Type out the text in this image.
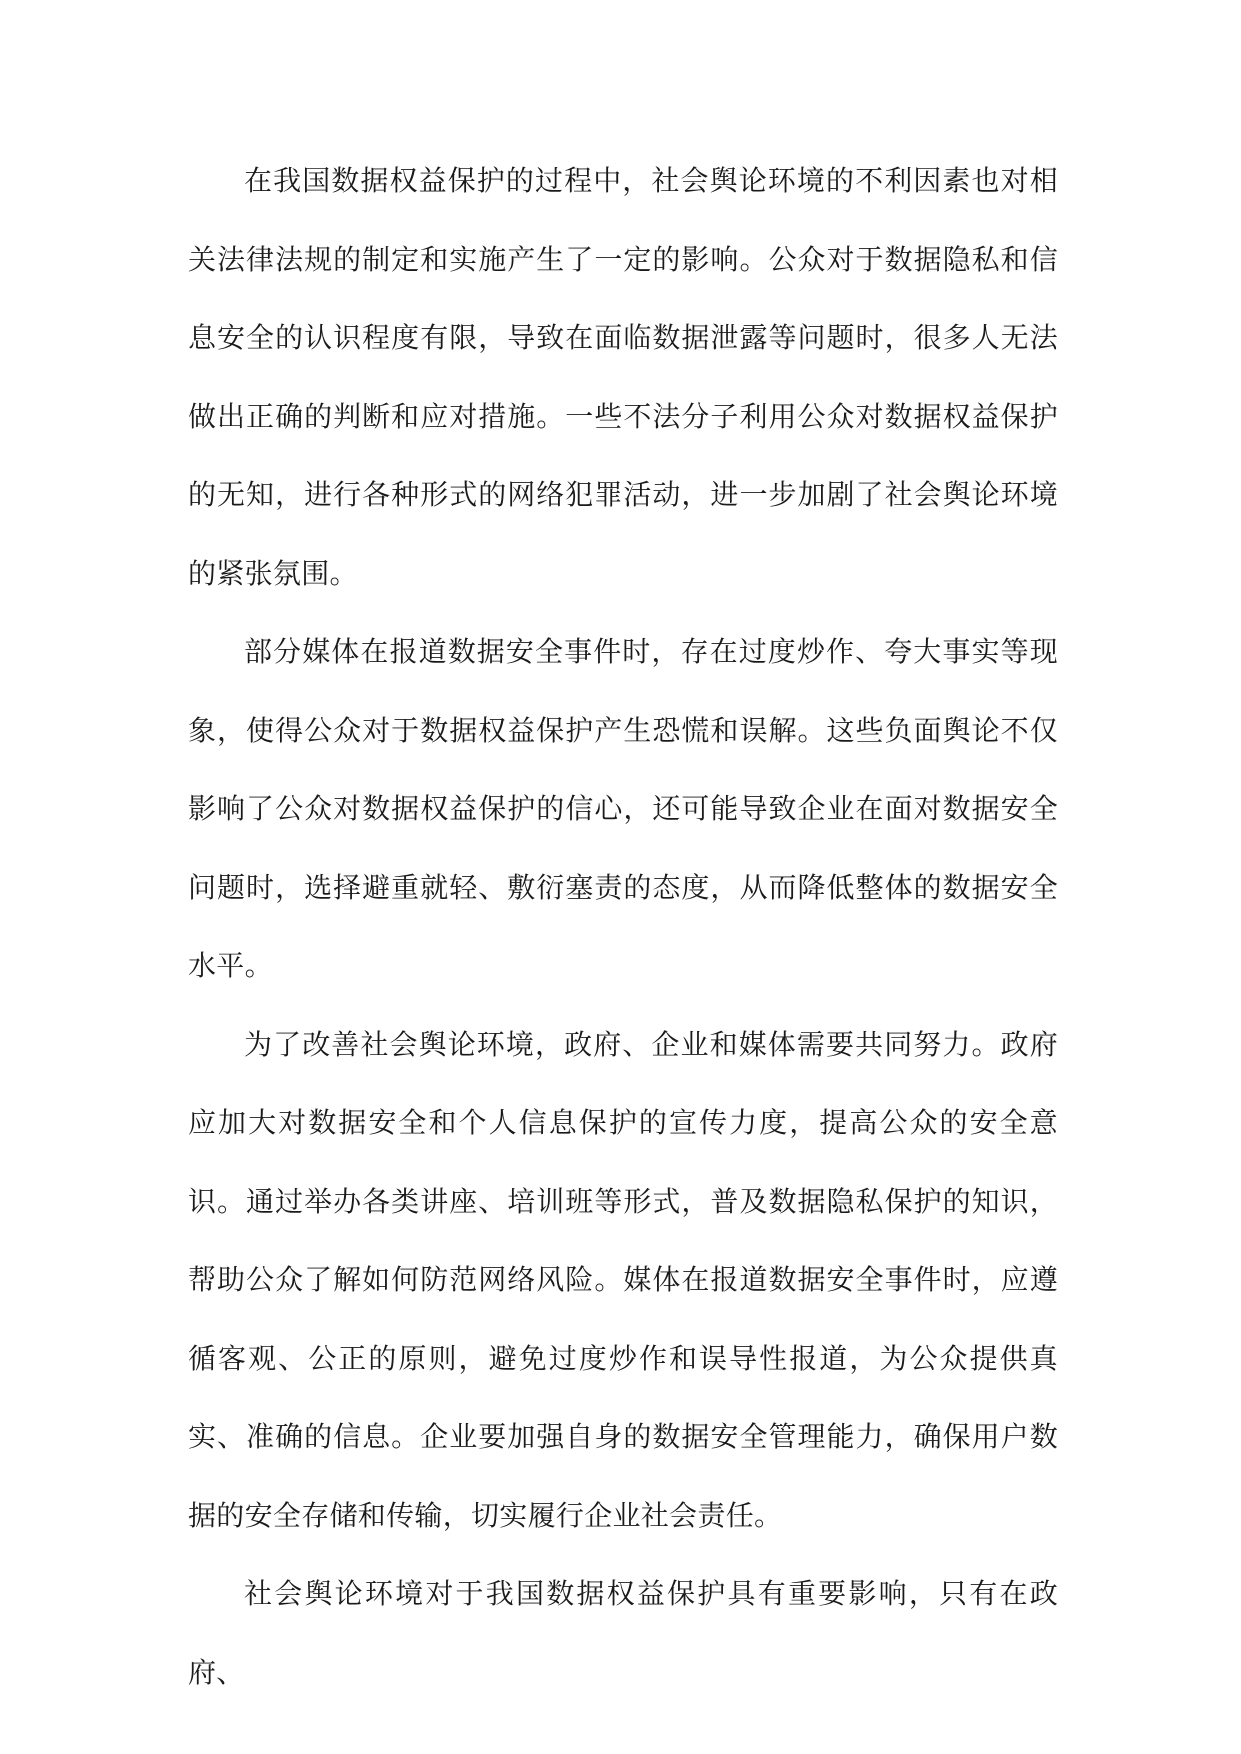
在我国数据权益保护的过程中，社会舆论环境的不利因素也对相关法律法规的制定和实施产生了一定的影响。公众对于数据隐私和信息安全的认识程度有限，导致在面临数据泄露等问题时，很多人无法做出正确的判断和应对措施。一些不法分子利用公众对数据权益保护的无知，进行各种形式的网络犯罪活动，进一步加剧了社会舆论环境的紧张氛围。

部分媒体在报道数据安全事件时，存在过度炒作、夸大事实等现象，使得公众对于数据权益保护产生恐慌和误解。这些负面舆论不仅影响了公众对数据权益保护的信心，还可能导致企业在面对数据安全问题时，选择避重就轻、敷衍塞责的态度，从而降低整体的数据安全水平。

为了改善社会舆论环境，政府、企业和媒体需要共同努力。政府应加大对数据安全和个人信息保护的宣传力度，提高公众的安全意识。通过举办各类讲座、培训班等形式，普及数据隐私保护的知识，帮助公众了解如何防范网络风险。媒体在报道数据安全事件时，应遵循客观、公正的原则，避免过度炒作和误导性报道，为公众提供真实、准确的信息。企业要加强自身的数据安全管理能力，确保用户数据的安全存储和传输，切实履行企业社会责任。

社会舆论环境对于我国数据权益保护具有重要影响，只有在政府、
